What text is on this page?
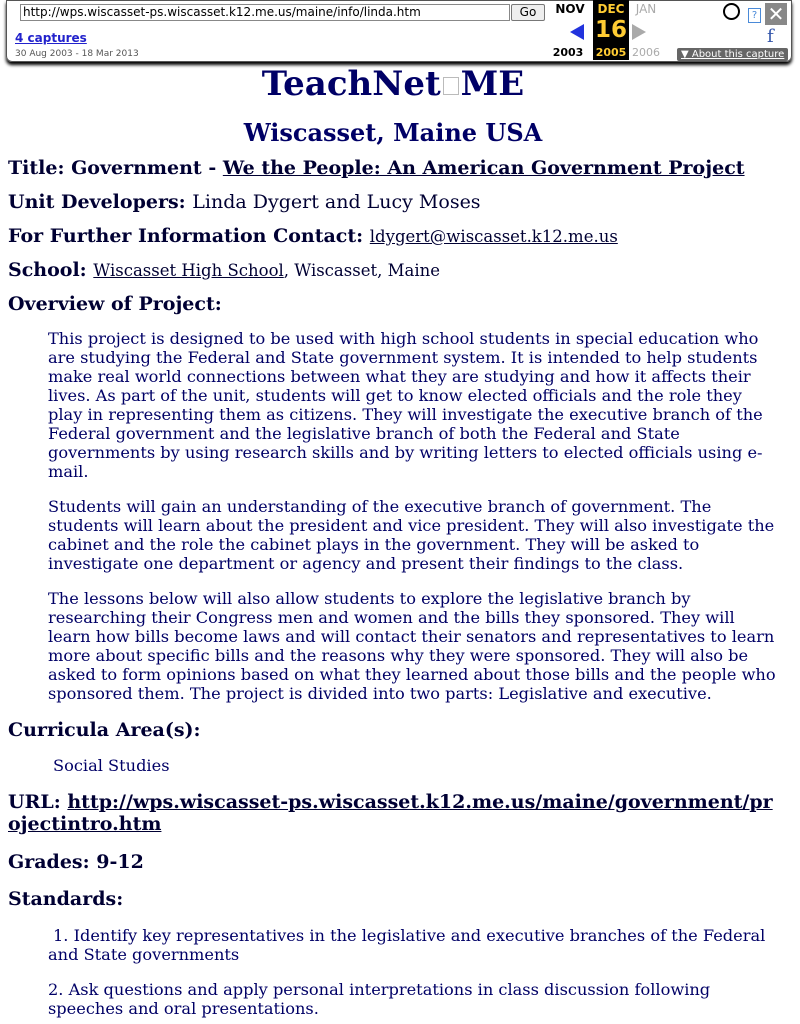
http://wps.wiscasset-ps.wiscasset.k12.me.us/maine/info/linda.htm	Go
4 captures
30 Aug 2003 - 18 Mar 2013
NOV	DEC JAN
16
2003	2005 2006
? ✕
f
▼ About this capture
TeachNet ME
Wiscasset, Maine USA

Title: Government - We the People: An American Government Project

Unit Developers: Linda Dygert and Lucy Moses

For Further Information Contact: ldygert@wiscasset.k12.me.us

School: Wiscasset High School, Wiscasset, Maine

Overview of Project:

This project is designed to be used with high school students in special education who are studying the Federal and State government system. It is intended to help students make real world connections between what they are studying and how it affects their lives. As part of the unit, students will get to know elected officials and the role they play in representing them as citizens. They will investigate the executive branch of the Federal government and the legislative branch of both the Federal and State governments by using research skills and by writing letters to elected officials using e-mail.

Students will gain an understanding of the executive branch of government. The students will learn about the president and vice president. They will also investigate the cabinet and the role the cabinet plays in the government. They will be asked to investigate one department or agency and present their findings to the class.

The lessons below will also allow students to explore the legislative branch by researching their Congress men and women and the bills they sponsored. They will learn how bills become laws and will contact their senators and representatives to learn more about specific bills and the reasons why they were sponsored. They will also be asked to form opinions based on what they learned about those bills and the people who sponsored them. The project is divided into two parts: Legislative and executive.

Curricula Area(s):

Social Studies

URL: http://wps.wiscasset-ps.wiscasset.k12.me.us/maine/government/projectintro.htm

Grades: 9-12

Standards:

1. Identify key representatives in the legislative and executive branches of the Federal and State governments

2. Ask questions and apply personal interpretations in class discussion following speeches and oral presentations.
